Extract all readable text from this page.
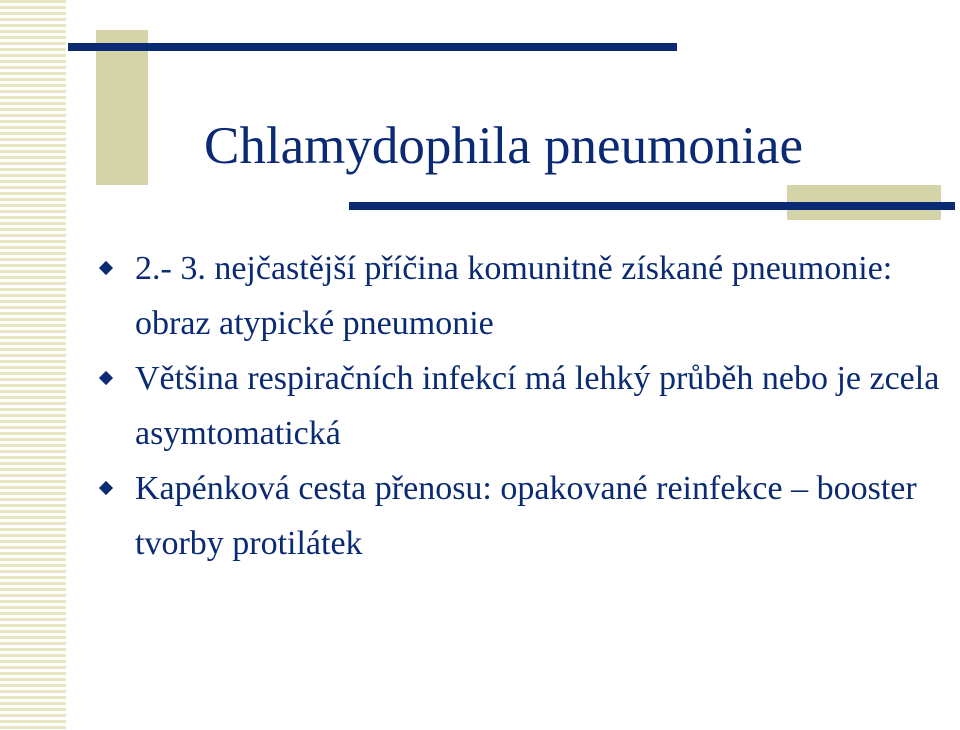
Chlamydophila pneumoniae
2.- 3. nejčastější příčina komunitně získané pneumonie: obraz atypické pneumonie
Většina respiračních infekcí má lehký průběh nebo je zcela asymtomatická
Kapénková cesta přenosu: opakované reinfekce – booster tvorby protilátek
